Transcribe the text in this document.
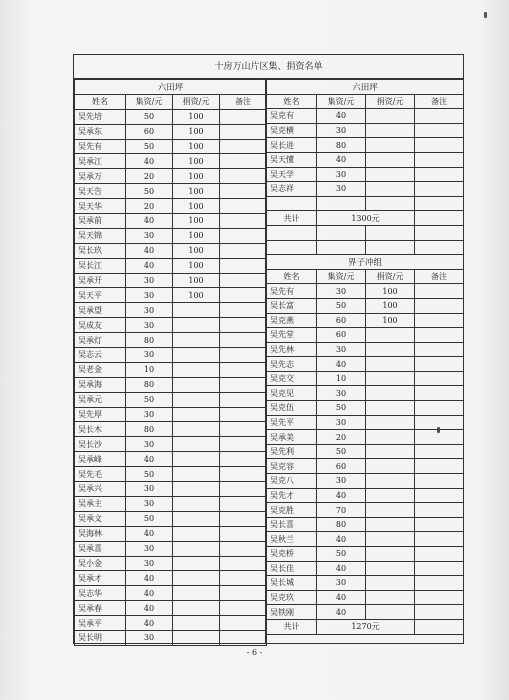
十房万山片区集、捐资名单
六田坪			
姓名	集资/元	捐资/元	备注
吴先培	50	100	
吴承东	60	100	
吴先有	50	100	
吴承江	40	100	
吴承万	20	100	
吴天告	50	100	
吴天华	20	100	
吴承前	40	100	
吴天锦	30	100	
吴长玖	40	100	
吴长江	40	100	
吴承开	30	100	
吴天平	30	100	
吴承望	30		
吴成友	30		
吴承灯	80		
吴志云	30		
吴老金	10		
吴承海	80		
吴承元	50		
吴先厚	30		
吴长木	80		
吴长沙	30		
吴承峰	40		
吴先毛	50		
吴承兴	30		
吴承主	30		
吴承文	50		
吴海林	40		
吴承喜	30		
吴小金	30		
吴承才	40		
吴志华	40		
吴承春	40		
吴承平	40		
吴长明	30		
六田坪			
姓名	集资/元	捐资/元	备注
吴克有	40		
吴克横	30		
吴长进	80		
吴天懂	40		
吴天学	30		
吴志祥	30		

共计	1300元		

界子冲组			
姓名	集资/元	捐资/元	备注
吴先有	30	100	
吴长富	50	100	
吴克燕	60	100	
吴先堂	60		
吴先林	30		
吴先志	40		
吴克交	10		
吴克见	30		
吴克伍	50		
吴先平	30		
吴承美	20		
吴先利	50		
吴克容	60		
吴克八	30		
吴先才	40		
吴克胜	70		
吴长喜	80		
吴秋兰	40		
吴克桥	50		
吴长佳	40		
吴长城	30		
吴克玖	40		
吴铁刚	40		
共计	1270元		
- 6 -
